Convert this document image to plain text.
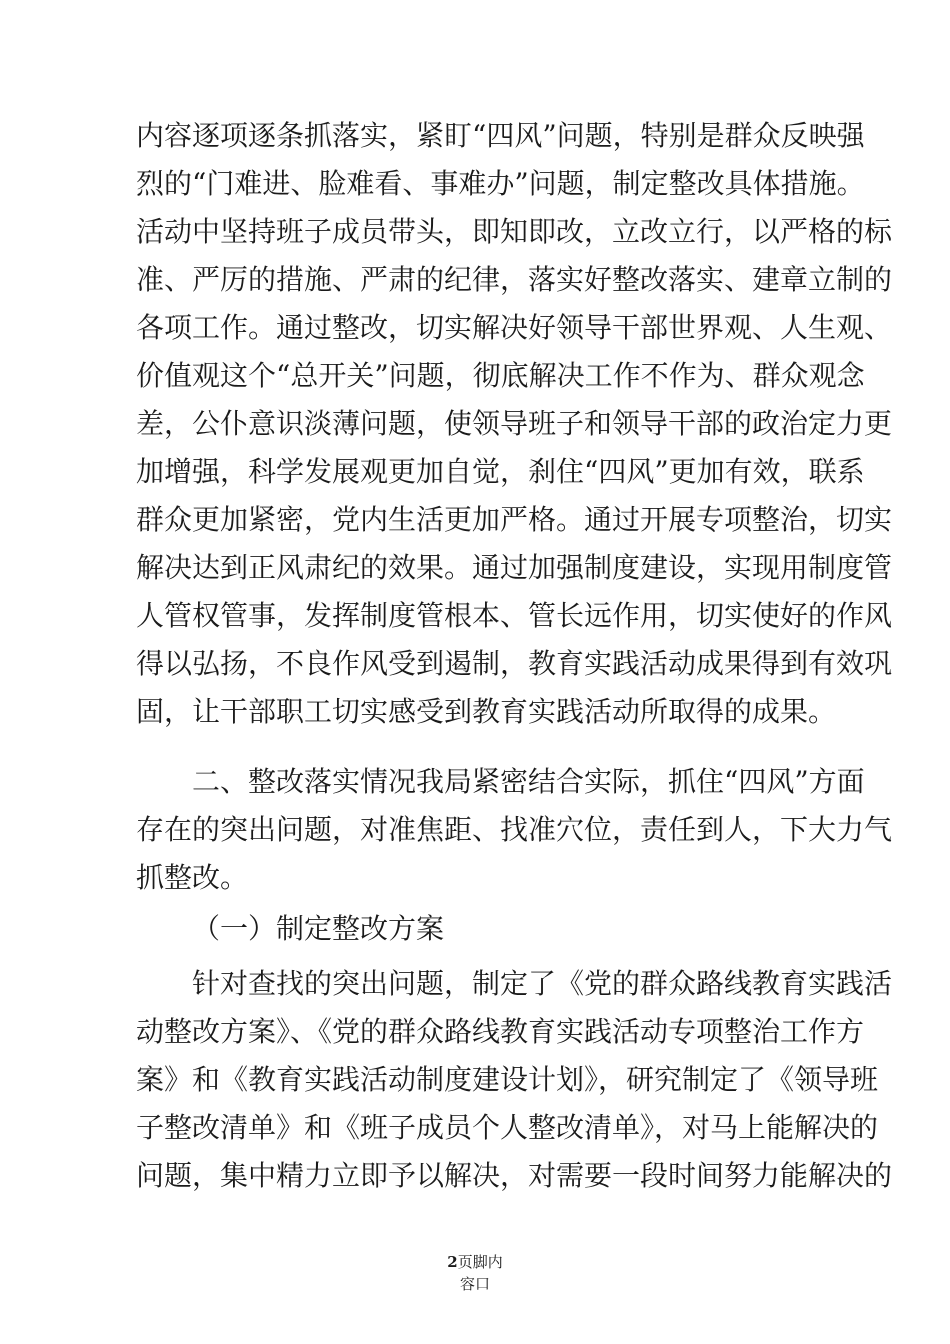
内容逐项逐条抓落实，紧盯“四风”问题，特别是群众反映强
烈的“门难进、脸难看、事难办”问题，制定整改具体措施。
活动中坚持班子成员带头，即知即改，立改立行，以严格的标
准、严厉的措施、严肃的纪律，落实好整改落实、建章立制的
各项工作。通过整改，切实解决好领导干部世界观、人生观、
价值观这个“总开关”问题，彻底解决工作不作为、群众观念
差，公仆意识淡薄问题，使领导班子和领导干部的政治定力更
加增强，科学发展观更加自觉，刹住“四风”更加有效，联系
群众更加紧密，党内生活更加严格。通过开展专项整治，切实
解决达到正风肃纪的效果。通过加强制度建设，实现用制度管
人管权管事，发挥制度管根本、管长远作用，切实使好的作风
得以弘扬，不良作风受到遏制，教育实践活动成果得到有效巩
固，让干部职工切实感受到教育实践活动所取得的成果。
二、整改落实情况我局紧密结合实际，抓住“四风”方面
存在的突出问题，对准焦距、找准穴位，责任到人，下大力气
抓整改。
（一）制定整改方案
针对查找的突出问题，制定了《党的群众路线教育实践活
动整改方案》、《党的群众路线教育实践活动专项整治工作方
案》和《教育实践活动制度建设计划》，研究制定了《领导班
子整改清单》和《班子成员个人整改清单》，对马上能解决的
问题，集中精力立即予以解决，对需要一段时间努力能解决的
2页脚内
容口
